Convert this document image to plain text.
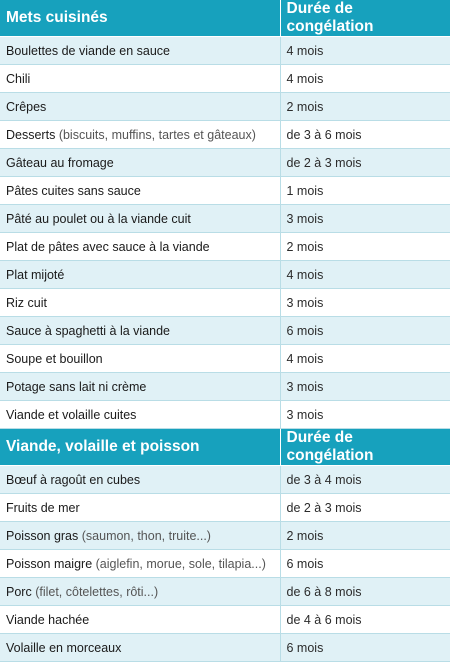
Mets cuisinés	Durée de congélation
Boulettes de viande en sauce	4 mois
Chili	4 mois
Crêpes	2 mois
Desserts (biscuits, muffins, tartes et gâteaux)	de 3 à 6 mois
Gâteau au fromage	de 2 à 3 mois
Pâtes cuites sans sauce	1 mois
Pâté au poulet ou à la viande cuit	3 mois
Plat de pâtes avec sauce à la viande	2 mois
Plat mijoté	4 mois
Riz cuit	3 mois
Sauce à spaghetti à la viande	6 mois
Soupe et bouillon	4 mois
Potage sans lait ni crème	3 mois
Viande et volaille cuites	3 mois
Viande, volaille et poisson	Durée de congélation
Bœuf à ragoût en cubes	de 3 à 4 mois
Fruits de mer	de 2 à 3 mois
Poisson gras (saumon, thon, truite...)	2 mois
Poisson maigre (aiglefin, morue, sole, tilapia...)	6 mois
Porc (filet, côtelettes, rôti...)	de 6 à 8 mois
Viande hachée	de 4 à 6 mois
Volaille en morceaux	6 mois
